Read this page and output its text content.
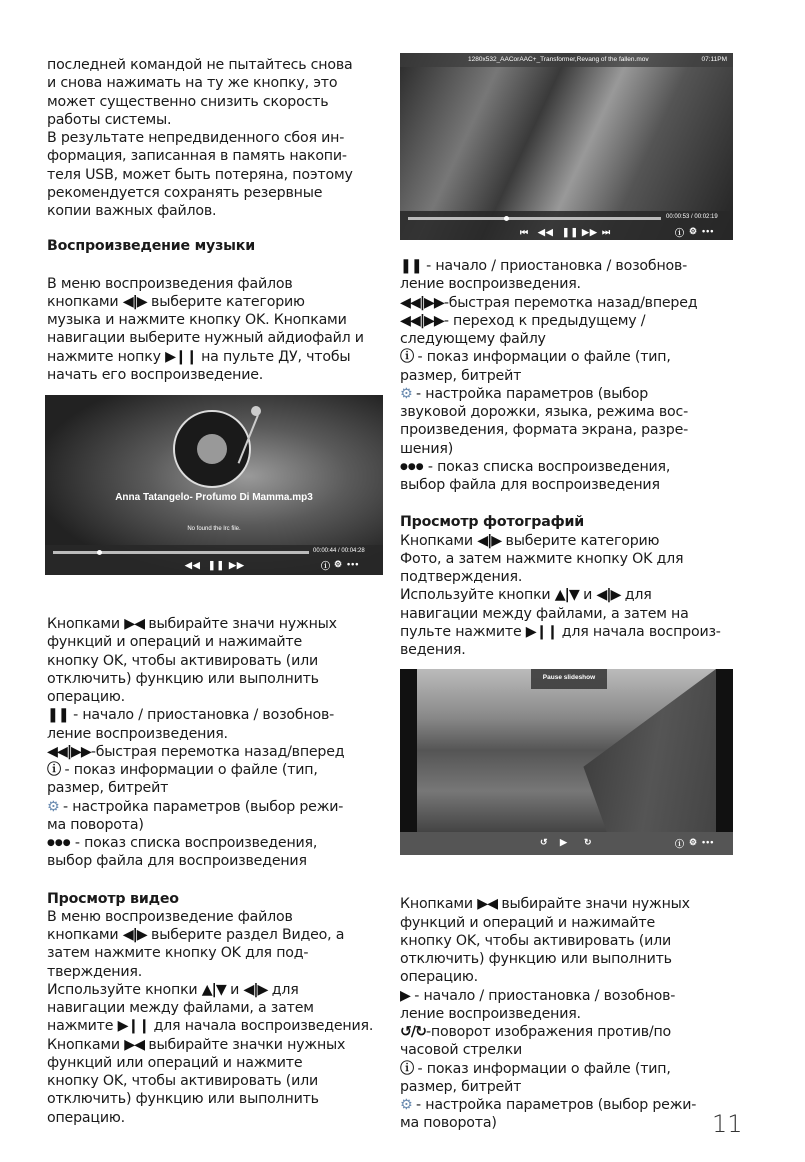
последней командой не пытайтесь снова
и снова нажимать на ту же кнопку, это
может существенно снизить скорость
работы системы.
В результате непредвиденного сбоя ин-
формация, записанная в память накопи-
теля USB, может быть потеряна, поэтому
рекомендуется сохранять резервные
копии важных файлов.
Воспроизведение музыки
В меню воспроизведения файлов
кнопками ◀|▶ выберите категорию
музыка и нажмите кнопку OK. Кнопками
навигации выберите нужный айдиофайл и
нажмите нопку ▶❙❙ на пульте ДУ, чтобы
начать его воспроизведение.
Кнопками ▶◀ выбирайте значи нужных
функций и операций и нажимайте
кнопку OK, чтобы активировать (или
отключить) функцию или выполнить
операцию.
❚❚ - начало / приостановка / возобнов-
ление воспроизведения.
◀◀|▶▶-быстрая перемотка назад/вперед
ⓘ - показ информации о файле (тип,
размер, битрейт
⚙ - настройка параметров (выбор режи-
ма поворота)
●●● - показ списка воспроизведения,
выбор файла для воспроизведения
Просмотр видео
В меню воспроизведение файлов
кнопками ◀|▶ выберите раздел Видео, а
затем нажмите кнопку OK для под-
тверждения.
Используйте кнопки ▲|▼ и ◀|▶ для
навигации между файлами, а затем
нажмите ▶❙❙ для начала воспроизведения.
Кнопками ▶◀ выбирайте значки нужных
функций или операций и нажмите
кнопку OK, чтобы активировать (или
отключить) функцию или выполнить
операцию.
❚❚ - начало / приостановка / возобнов-
ление воспроизведения.
◀◀|▶▶-быстрая перемотка назад/вперед
◀◀|▶▶- переход к предыдущему /
следующему файлу
ⓘ - показ информации о файле (тип,
размер, битрейт
⚙ - настройка параметров (выбор
звуковой дорожки, языка, режима вос-
произведения, формата экрана, разре-
шения)
●●● - показ списка воспроизведения,
выбор файла для воспроизведения
Просмотр фотографий
Кнопками ◀|▶ выберите категорию
Фото, а затем нажмите кнопку OK для
подтверждения.
Используйте кнопки ▲|▼ и ◀|▶ для
навигации между файлами, а затем на
пульте нажмите ▶❙❙ для начала воспроиз-
ведения.
Кнопками ▶◀ выбирайте значи нужных
функций и операций и нажимайте
кнопку OK, чтобы активировать (или
отключить) функцию или выполнить
операцию.
▶ - начало / приостановка / возобнов-
ление воспроизведения.
↺/↻-поворот изображения против/по
часовой стрелки
ⓘ - показ информации о файле (тип,
размер, битрейт
⚙ - настройка параметров (выбор режи-
ма поворота)
Anna Tatangelo- Profumo Di Mamma.mp3
No found the lrc file.
00:00:44 / 00:04:28
◀◀ ❚❚ ▶▶	ⓘ ⚙ •••
1280x532_AACorAAC+_Transformer,Revang of the fallen.mov	07:11PM
00:00:53 / 00:02:19
⏮ ◀◀ ❚❚ ▶▶ ⏭	ⓘ ⚙ •••
Pause slideshow
↺ ▶ ↻	ⓘ ⚙ •••
11
